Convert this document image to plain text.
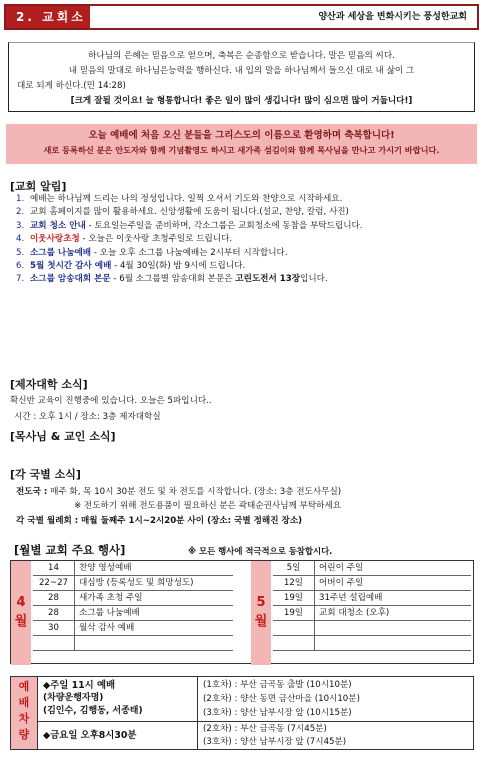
2. 교회소식
양산과 세상을 변화시키는 풍성한교회
하나님의 은혜는 믿음으로 얻으며, 축복은 순종함으로 받습니다. 말은 믿음의 씨다.
내 믿음의 말대로 하나님은능력을 행하신다. 내 입의 말을 하나님께서 들으신 대로 내 삶이 그
대로 되게 하신다.(민 14:28)
[크게 잘될 것이요! 늘 형통합니다! 좋은 일이 많이 생깁니다! 많이 심으면 많이 거둡니다!]
오늘 예배에 처음 오신 분들을 그리스도의 이름으로 환영하며 축복합니다!
새로 등록하신 분은 안도자와 함께 기념촬영도 하시고 새가족 섬김이와 함께 목사님을 만나고 가시기 바랍니다.
[교회 알림]
1. 예배는 하나님께 드리는 나의 정성입니다. 일찍 오셔서 기도와 찬양으로 시작하세요.
2. 교회 홈페이지를 많이 활용하세요. 신앙생활에 도움이 됩니다.(설교, 찬양, 칼럼, 사진)
3. 교회 청소 안내 - 토요일는주일을 준비하며, 각소그룹은 교회청소에 동참을 부탁드립니다.
4. 이웃사랑초청 - 오늘은 이웃사랑 초청주일로 드립니다.
5. 소그룹 나눔예배 - 오늘 오후 소그룹 나눔예배는 2시부터 시작합니다.
6. 5월 첫시간 감사 예배 - 4월 30일(화) 밤 9시에 드립니다.
7. 소그룹 암송대회 본문 - 6월 소그룹별 암송대회 본문은 고린도전서 13장입니다.
[제자대학 소식]
확신반 교육이 진행중에 있습니다. 오늘은 5파입니다..
시간 : 오후 1시 / 장소: 3층 제자대학실
[목사님 & 교인 소식]
[각 국별 소식]
전도국 : 매주 화, 목 10시 30분 전도 및 차 전도를 시작합니다. (장소: 3층 전도사무실)
※ 전도하기 위해 전도용품이 필요하신 분은 곽태순권사님께 부탁하세요
각 국별 월례회 : 매월 둘째주 1시~2시20분 사이 (장소: 국별 정해진 장소)
[월별 교회 주요 행사]	※ 모든 행사에 적극적으로 동참합시다.
4
월
14	찬양 영성예배
22~27	대심방 (등록성도 및 희망성도)
28	새가족 초청 주일
28	소그룹 나눔예배
30	월삭 감사 예배
5
월
5일	어린이 주일
12일	어버이 주일
19일	31주년 설립예배
19일	교회 대청소 (오후)
예
배
차
량
◆주일 11시 예배
(차량운행자명)
(김인수, 김행동, 서종태)
(1호차) : 부산 금곡동 출발 (10시10분)
(2호차) : 양산 동면 금산마을 (10시10분)
(3호차) : 양산 남부시장 앞 (10시15분)
◆금요일 오후8시30분
(2호차) : 부산 금곡동 (7시45분)
(3호차) : 양산 남부시장 앞 (7시45분)
